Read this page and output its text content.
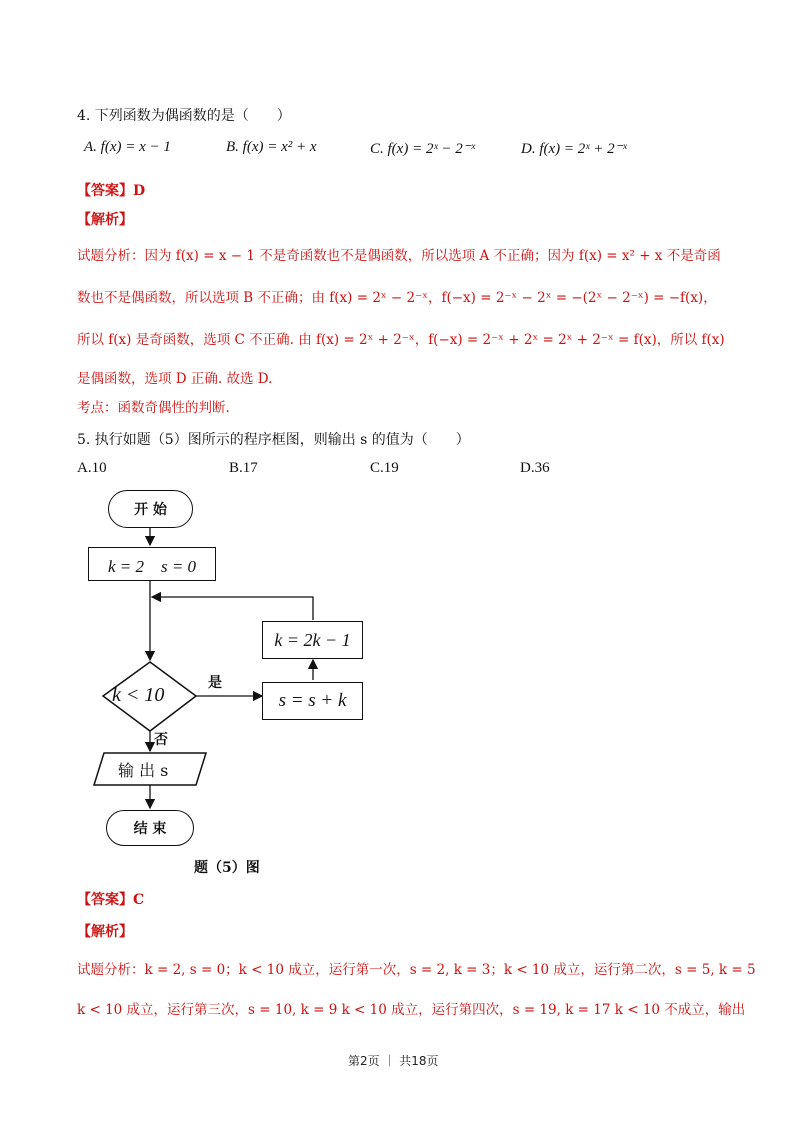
4. 下列函数为偶函数的是（　　）
A. f(x) = x − 1	B. f(x) = x² + x	C. f(x) = 2ˣ − 2⁻ˣ	D. f(x) = 2ˣ + 2⁻ˣ
【答案】D
【解析】
试题分析：因为 f(x) = x − 1 不是奇函数也不是偶函数，所以选项 A 不正确；因为 f(x) = x² + x 不是奇函
数也不是偶函数，所以选项 B 不正确；由 f(x) = 2ˣ − 2⁻ˣ，f(−x) = 2⁻ˣ − 2ˣ = −(2ˣ − 2⁻ˣ) = −f(x)，
所以 f(x) 是奇函数，选项 C 不正确. 由 f(x) = 2ˣ + 2⁻ˣ，f(−x) = 2⁻ˣ + 2ˣ = 2ˣ + 2⁻ˣ = f(x)，所以 f(x)
是偶函数，选项 D 正确. 故选 D.
考点：函数奇偶性的判断.
5. 执行如题（5）图所示的程序框图，则输出 s 的值为（　　）
A.10	B.17	C.19	D.36
开 始
k = 2　s = 0
k = 2k − 1
k < 10
是
s = s + k
否
输 出 s
结 束
题（5）图
【答案】C
【解析】
试题分析：k = 2, s = 0；k < 10 成立，运行第一次，s = 2, k = 3；k < 10 成立，运行第二次，s = 5, k = 5
k < 10 成立，运行第三次，s = 10, k = 9 k < 10 成立，运行第四次，s = 19, k = 17 k < 10 不成立，输出
第2页 ｜ 共18页
